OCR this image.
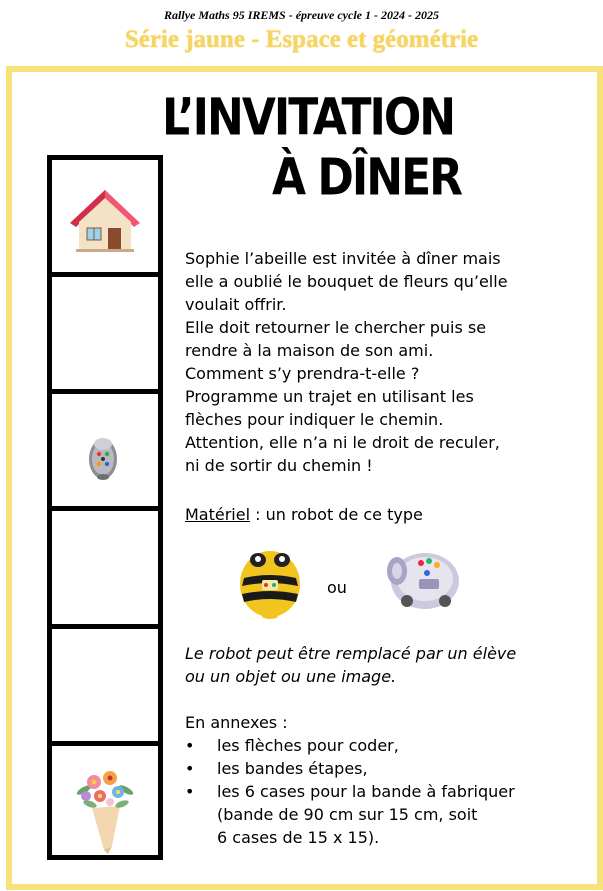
Rallye Maths 95 IREMS - épreuve cycle 1 - 2024 - 2025
Série jaune - Espace et géométrie
L’INVITATION
À DÎNER
Sophie l’abeille est invitée à dîner mais
elle a oublié le bouquet de fleurs qu’elle
voulait offrir.
Elle doit retourner le chercher puis se
rendre à la maison de son ami.
Comment s’y prendra-t-elle ?
Programme un trajet en utilisant les
flèches pour indiquer le chemin.
Attention, elle n’a ni le droit de reculer,
ni de sortir du chemin !
Matériel : un robot de ce type
ou
Le robot peut être remplacé par un élève
ou un objet ou une image.
En annexes :
• les flèches pour coder,
• les bandes étapes,
• les 6 cases pour la bande à fabriquer
(bande de 90 cm sur 15 cm, soit
6 cases de 15 x 15).
